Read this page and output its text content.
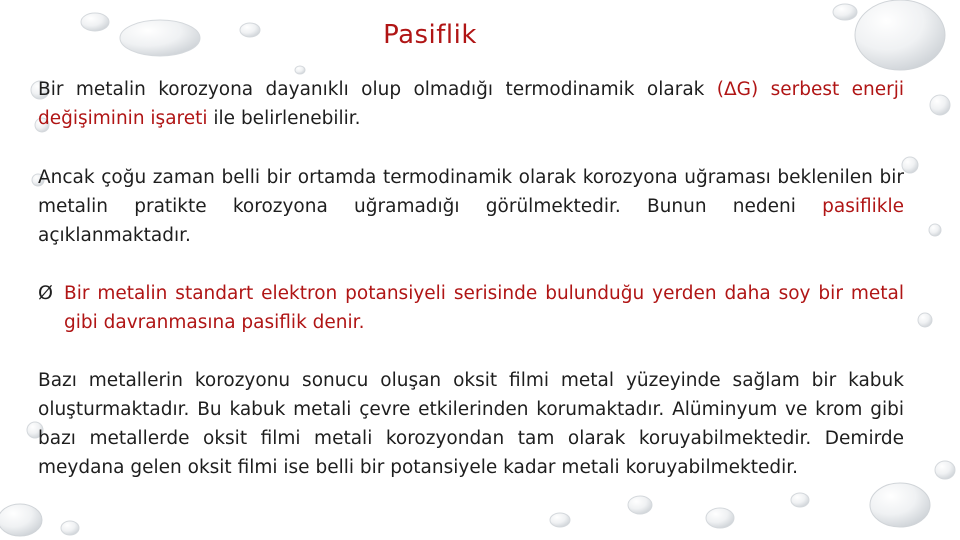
Pasiflik

Bir metalin korozyona dayanıklı olup olmadığı termodinamik olarak (ΔG) serbest enerji değişiminin işareti ile belirlenebilir.

Ancak çoğu zaman belli bir ortamda termodinamik olarak korozyona uğraması beklenilen bir metalin pratikte korozyona uğramadığı görülmektedir. Bunun nedeni pasiflikle açıklanmaktadır.

Ø Bir metalin standart elektron potansiyeli serisinde bulunduğu yerden daha soy bir metal gibi davranmasına pasiflik denir.

Bazı metallerin korozyonu sonucu oluşan oksit filmi metal yüzeyinde sağlam bir kabuk oluşturmaktadır. Bu kabuk metali çevre etkilerinden korumaktadır. Alüminyum ve krom gibi bazı metallerde oksit filmi metali korozyondan tam olarak koruyabilmektedir. Demirde meydana gelen oksit filmi ise belli bir potansiyele kadar metali koruyabilmektedir.
